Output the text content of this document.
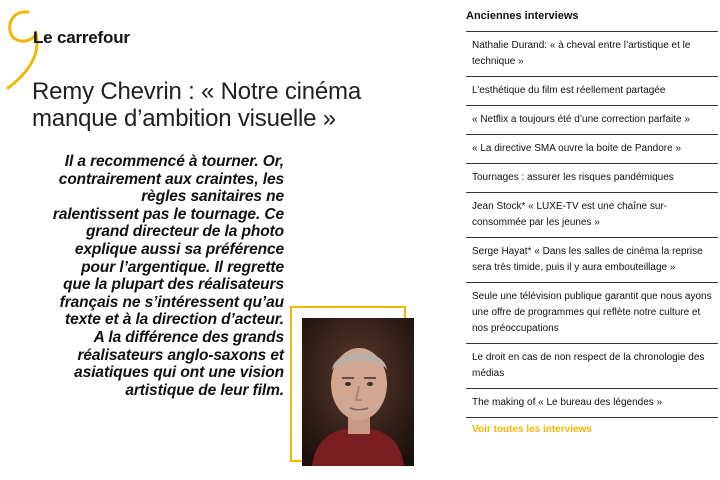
Le carrefour
Remy Chevrin : « Notre cinéma manque d’ambition visuelle »

Il a recommencé à tourner. Or, contrairement aux craintes, les règles sanitaires ne ralentissent pas le tournage. Ce grand directeur de la photo explique aussi sa préférence pour l’argentique. Il regrette que la plupart des réalisateurs français ne s’intéressent qu’au texte et à la direction d’acteur. A la différence des grands réalisateurs anglo-saxons et asiatiques qui ont une vision artistique de leur film.

Anciennes interviews
Nathalie Durand: « à cheval entre l’artistique et le technique »
L’esthétique du film est réellement partagée
« Netflix a toujours été d’une correction parfaite »
« La directive SMA ouvre la boite de Pandore »
Tournages : assurer les risques pandémiques
Jean Stock* « LUXE-TV est une chaîne sur-consommée par les jeunes »
Serge Hayat* « Dans les salles de cinéma la reprise sera très timide, puis il y aura embouteillage »
Seule une télévision publique garantit que nous ayons une offre de programmes qui reflète notre culture et nos préoccupations
Le droit en cas de non respect de la chronologie des médias
The making of « Le bureau des légendes »
Voir toutes les interviews
